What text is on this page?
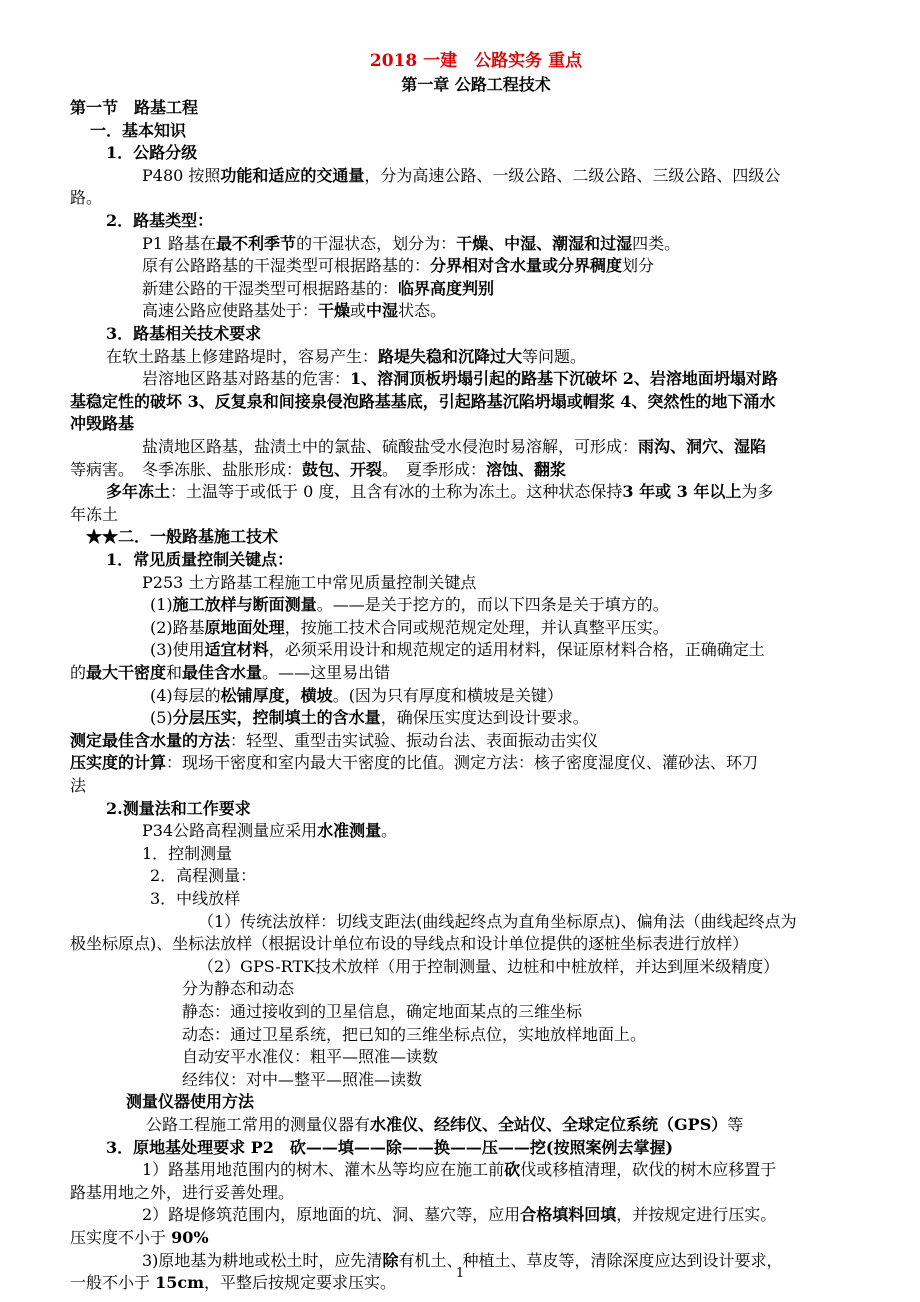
2018 一建　公路实务 重点
第一章 公路工程技术
第一节　路基工程
一．基本知识
1．公路分级
P480 按照功能和适应的交通量，分为高速公路、一级公路、二级公路、三级公路、四级公
路。
2．路基类型：
P1 路基在最不利季节的干湿状态，划分为：干燥、中湿、潮湿和过湿四类。
原有公路路基的干湿类型可根据路基的：分界相对含水量或分界稠度划分
新建公路的干湿类型可根据路基的：临界高度判别
高速公路应使路基处于：干燥或中湿状态。
3．路基相关技术要求
在软土路基上修建路堤时，容易产生：路堤失稳和沉降过大等问题。
岩溶地区路基对路基的危害：1、溶洞顶板坍塌引起的路基下沉破坏 2、岩溶地面坍塌对路
基稳定性的破坏 3、反复泉和间接泉侵泡路基基底，引起路基沉陷坍塌或帽浆 4、突然性的地下涌水
冲毁路基
盐渍地区路基，盐渍土中的氯盐、硫酸盐受水侵泡时易溶解，可形成：雨沟、洞穴、湿陷
等病害。　冬季冻胀、盐胀形成：鼓包、开裂。　夏季形成：溶蚀、翻浆
多年冻土：土温等于或低于 0 度，且含有冰的土称为冻土。这种状态保持3 年或 3 年以上为多
年冻土
★★二．一般路基施工技术
1．常见质量控制关键点：
P253 土方路基工程施工中常见质量控制关键点
(1)施工放样与断面测量。——是关于挖方的，而以下四条是关于填方的。
(2)路基原地面处理，按施工技术合同或规范规定处理，并认真整平压实。
(3)使用适宜材料，必须采用设计和规范规定的适用材料，保证原材料合格，正确确定土
的最大干密度和最佳含水量。——这里易出错
(4)每层的松铺厚度，横坡。(因为只有厚度和横坡是关键）
(5)分层压实，控制填土的含水量，确保压实度达到设计要求。
测定最佳含水量的方法：轻型、重型击实试验、振动台法、表面振动击实仪
压实度的计算：现场干密度和室内最大干密度的比值。测定方法：核子密度湿度仪、灌砂法、环刀
法
2.测量法和工作要求
P34公路高程测量应采用水准测量。
1．控制测量
2．高程测量：
3．中线放样
（1）传统法放样：切线支距法(曲线起终点为直角坐标原点)、偏角法（曲线起终点为
极坐标原点)、坐标法放样（根据设计单位布设的导线点和设计单位提供的逐桩坐标表进行放样）
（2）GPS-RTK技术放样（用于控制测量、边桩和中桩放样，并达到厘米级精度）
分为静态和动态
静态：通过接收到的卫星信息，确定地面某点的三维坐标
动态：通过卫星系统，把已知的三维坐标点位，实地放样地面上。
自动安平水准仪：粗平—照准—读数
经纬仪：对中—整平—照准—读数
测量仪器使用方法
公路工程施工常用的测量仪器有水准仪、经纬仪、全站仪、全球定位系统（GPS）等
3．原地基处理要求 P2　砍——填——除——换——压——挖(按照案例去掌握)
1）路基用地范围内的树木、灌木丛等均应在施工前砍伐或移植清理，砍伐的树木应移置于
路基用地之外，进行妥善处理。
2）路堤修筑范围内，原地面的坑、洞、墓穴等，应用合格填料回填，并按规定进行压实。
压实度不小于 90%
3)原地基为耕地或松土时，应先清除有机土、种植土、草皮等，清除深度应达到设计要求，
一般不小于 15cm，平整后按规定要求压实。	1
